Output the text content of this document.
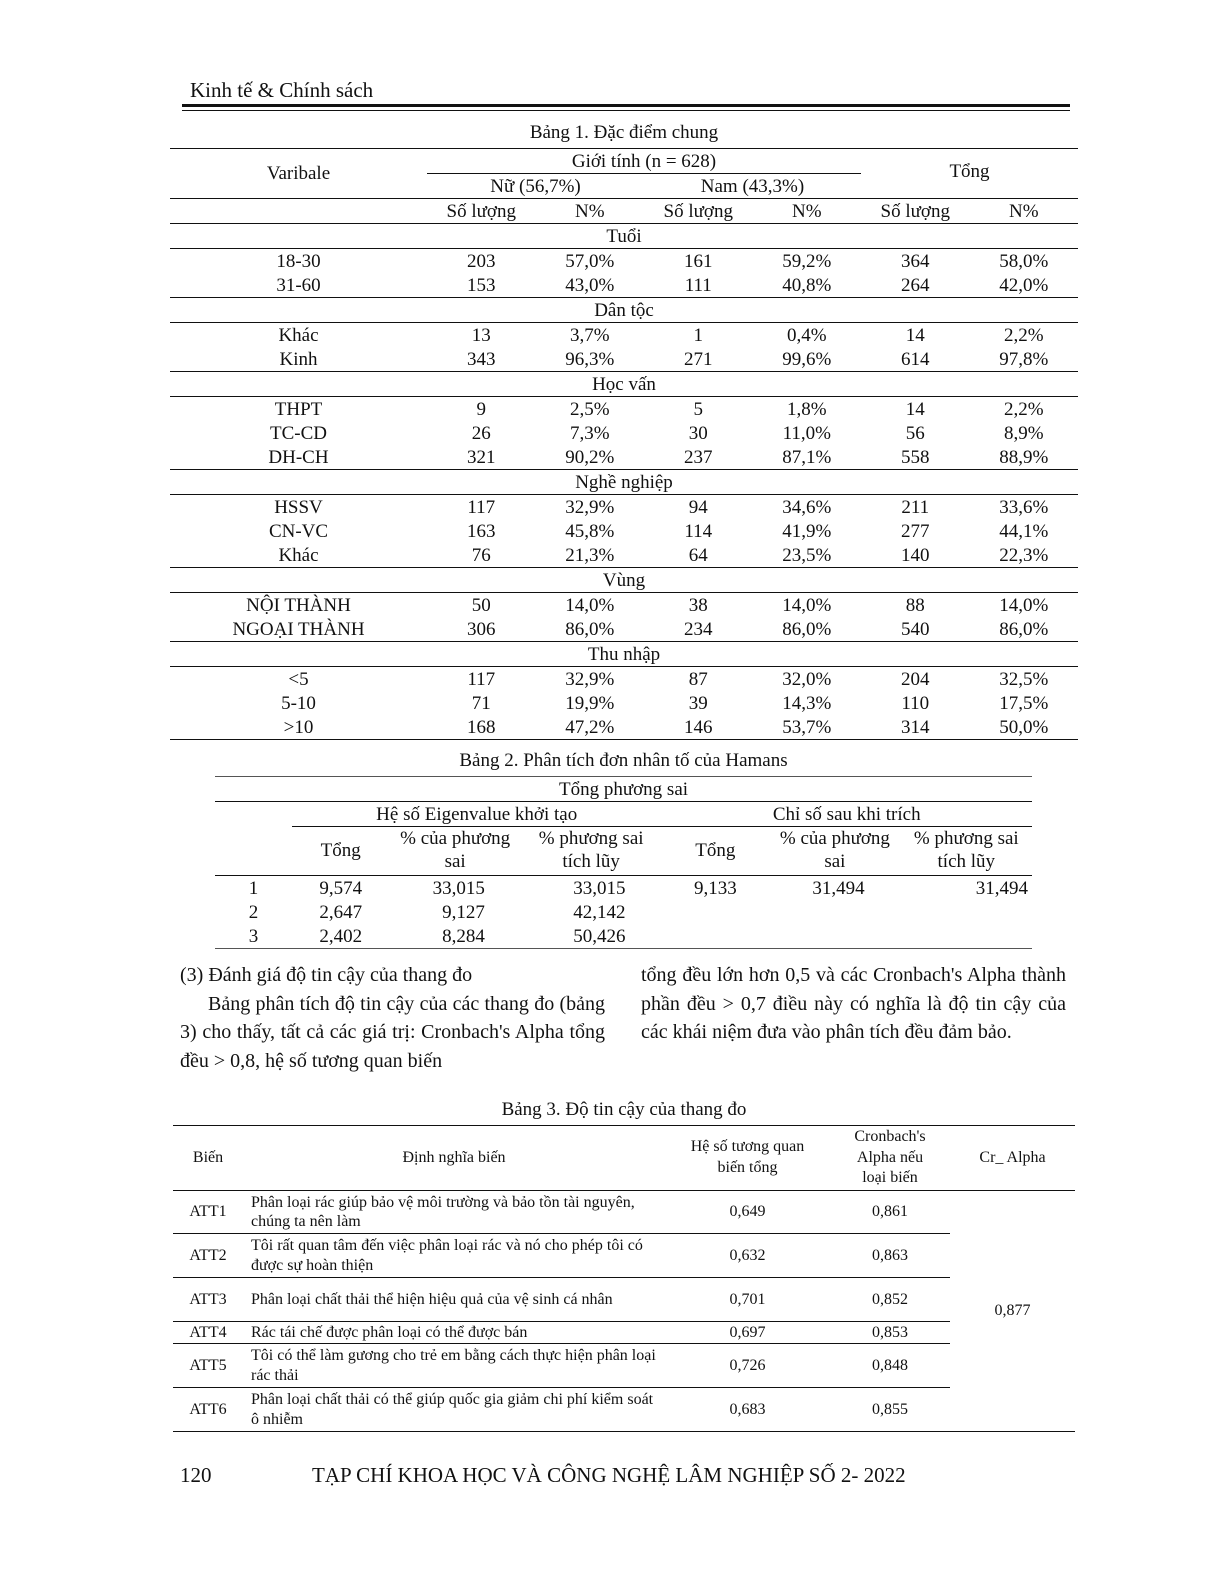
Kinh tế & Chính sách
Bảng 1. Đặc điểm chung
Varibale	Giới tính (n = 628)				Tổng	
	Nữ (56,7%)		Nam (43,3%)			
	Số lượng	N%	Số lượng	N%	Số lượng	N%
Tuổi						
18-30	203	57,0%	161	59,2%	364	58,0%
31-60	153	43,0%	111	40,8%	264	42,0%
Dân tộc						
Khác	13	3,7%	1	0,4%	14	2,2%
Kinh	343	96,3%	271	99,6%	614	97,8%
Học vấn						
THPT	9	2,5%	5	1,8%	14	2,2%
TC-CD	26	7,3%	30	11,0%	56	8,9%
DH-CH	321	90,2%	237	87,1%	558	88,9%
Nghề nghiệp						
HSSV	117	32,9%	94	34,6%	211	33,6%
CN-VC	163	45,8%	114	41,9%	277	44,1%
Khác	76	21,3%	64	23,5%	140	22,3%
Vùng						
NỘI THÀNH	50	14,0%	38	14,0%	88	14,0%
NGOẠI THÀNH	306	86,0%	234	86,0%	540	86,0%
Thu nhập						
<5	117	32,9%	87	32,0%	204	32,5%
5-10	71	19,9%	39	14,3%	110	17,5%
>10	168	47,2%	146	53,7%	314	50,0%
Bảng 2. Phân tích đơn nhân tố của Hamans
Tổng phương sai						
	Hệ số Eigenvalue khởi tạo			Chỉ số sau khi trích		
	Tổng	% của phương sai	% phương sai tích lũy	Tổng	% của phương sai	% phương sai tích lũy
1	9,574	33,015	33,015	9,133	31,494	31,494
2	2,647	9,127	42,142			
3	2,402	8,284	50,426			
(3) Đánh giá độ tin cậy của thang đo
Bảng phân tích độ tin cậy của các thang đo (bảng 3) cho thấy, tất cả các giá trị: Cronbach's Alpha tổng đều > 0,8, hệ số tương quan biến
tổng đều lớn hơn 0,5 và các Cronbach's Alpha thành phần đều > 0,7 điều này có nghĩa là độ tin cậy của các khái niệm đưa vào phân tích đều đảm bảo.
Bảng 3. Độ tin cậy của thang đo
Biến	Định nghĩa biến	Hệ số tương quan biến tổng	Cronbach's Alpha nếu loại biến	Cr_ Alpha
ATT1	Phân loại rác giúp bảo vệ môi trường và bảo tồn tài nguyên, chúng ta nên làm	0,649	0,861	0,877
ATT2	Tôi rất quan tâm đến việc phân loại rác và nó cho phép tôi có được sự hoàn thiện	0,632	0,863	
ATT3	Phân loại chất thải thể hiện hiệu quả của vệ sinh cá nhân	0,701	0,852	
ATT4	Rác tái chế được phân loại có thể được bán	0,697	0,853	
ATT5	Tôi có thể làm gương cho trẻ em bằng cách thực hiện phân loại rác thải	0,726	0,848	
ATT6	Phân loại chất thải có thể giúp quốc gia giảm chi phí kiểm soát ô nhiễm	0,683	0,855	
120	TẠP CHÍ KHOA HỌC VÀ CÔNG NGHỆ LÂM NGHIỆP SỐ 2- 2022
